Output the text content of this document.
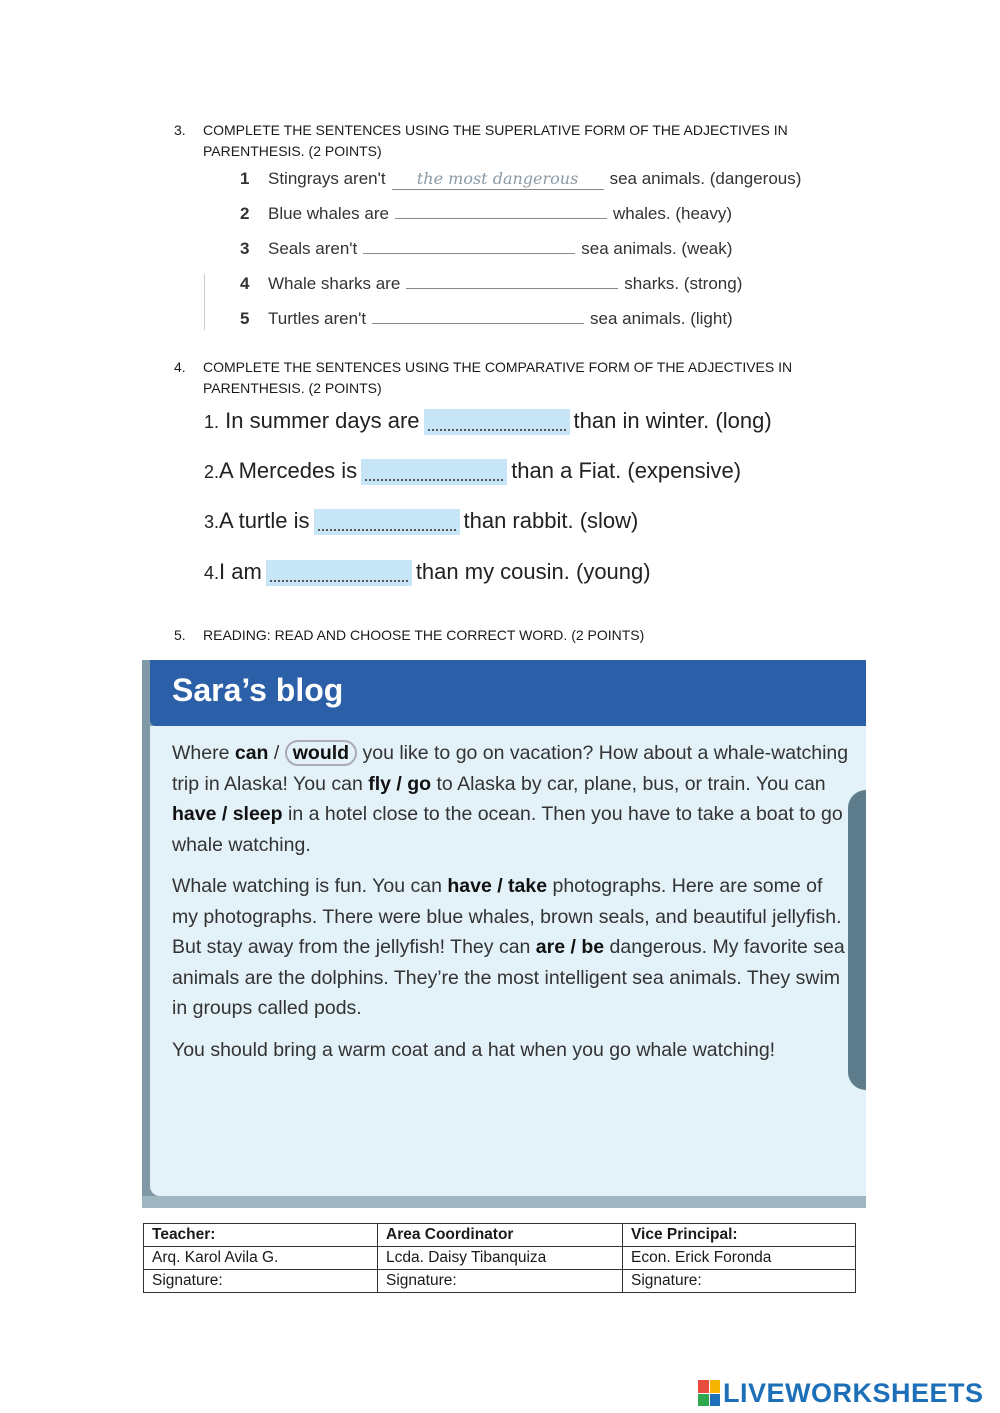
3.	COMPLETE THE SENTENCES USING THE SUPERLATIVE FORM OF THE ADJECTIVES IN PARENTHESIS. (2 POINTS)
1 Stingrays aren't the most dangerous sea animals. (dangerous)
2 Blue whales are	whales. (heavy)
3 Seals aren't	sea animals. (weak)
4 Whale sharks are	sharks. (strong)
5 Turtles aren't	sea animals. (light)
4.	COMPLETE THE SENTENCES USING THE COMPARATIVE FORM OF THE ADJECTIVES IN PARENTHESIS. (2 POINTS)
1. In summer days are	than in winter. (long)
2.A Mercedes is	than a Fiat. (expensive)
3.A turtle is	than rabbit. (slow)
4.I am	than my cousin. (young)
5.	READING: READ AND CHOOSE THE CORRECT WORD. (2 POINTS)
Sara’s blog

Where can / would you like to go on vacation? How about a whale-watching trip in Alaska! You can fly / go to Alaska by car, plane, bus, or train. You can have / sleep in a hotel close to the ocean. Then you have to take a boat to go whale watching.

Whale watching is fun. You can have / take photographs. Here are some of my photographs. There were blue whales, brown seals, and beautiful jellyfish. But stay away from the jellyfish! They can are / be dangerous. My favorite sea animals are the dolphins. They’re the most intelligent sea animals. They swim in groups called pods.

You should bring a warm coat and a hat when you go whale watching!

Teacher:	Area Coordinator	Vice Principal:
Arq. Karol Avila G.	Lcda. Daisy Tibanquiza	Econ. Erick Foronda
Signature:	Signature:	Signature:
LIVEWORKSHEETS
